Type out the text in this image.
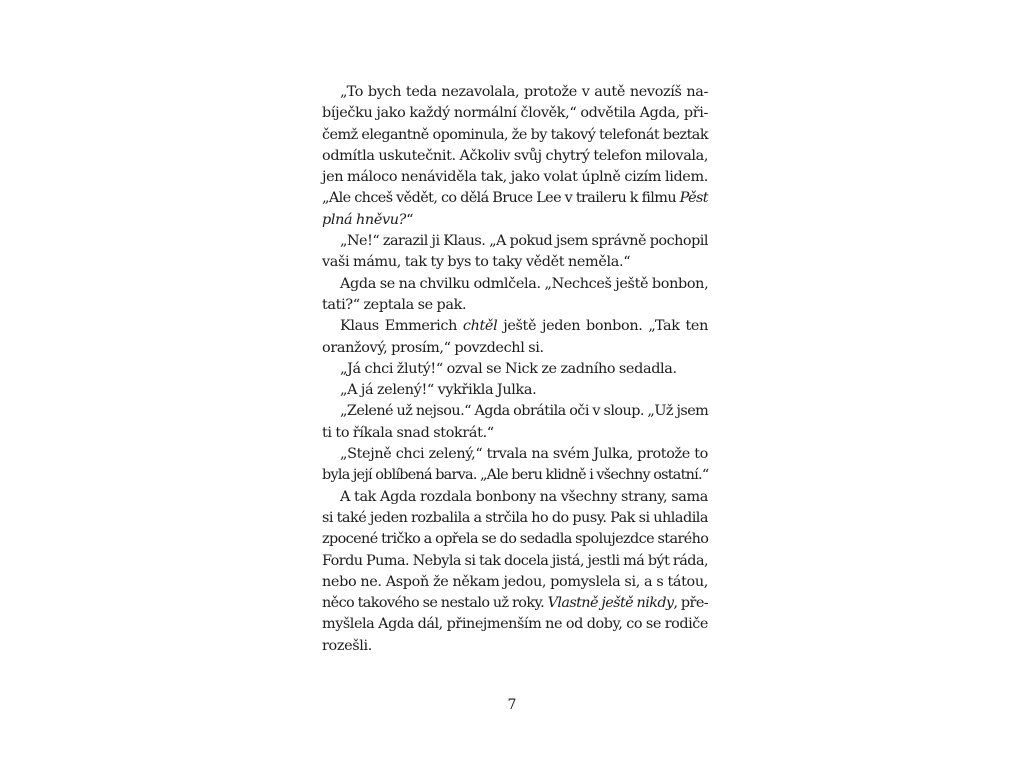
„To bych teda nezavolala, protože v autě nevozíš na-
bíječku jako každý normální člověk,“ odvětila Agda, při-
čemž elegantně opominula, že by takový telefonát beztak
odmítla uskutečnit. Ačkoliv svůj chytrý telefon milovala,
jen máloco nenáviděla tak, jako volat úplně cizím lidem.
„Ale chceš vědět, co dělá Bruce Lee v traileru k filmu Pěst
plná hněvu?“
„Ne!“ zarazil ji Klaus. „A pokud jsem správně pochopil
vaši mámu, tak ty bys to taky vědět neměla.“
Agda se na chvilku odmlčela. „Nechceš ještě bonbon,
tati?“ zeptala se pak.
Klaus Emmerich chtěl ještě jeden bonbon. „Tak ten
oranžový, prosím,“ povzdechl si.
„Já chci žlutý!“ ozval se Nick ze zadního sedadla.
„A já zelený!“ vykřikla Julka.
„Zelené už nejsou.“ Agda obrátila oči v sloup. „Už jsem
ti to říkala snad stokrát.“
„Stejně chci zelený,“ trvala na svém Julka, protože to
byla její oblíbená barva. „Ale beru klidně i všechny ostatní.“
A tak Agda rozdala bonbony na všechny strany, sama
si také jeden rozbalila a strčila ho do pusy. Pak si uhladila
zpocené tričko a opřela se do sedadla spolujezdce starého
Fordu Puma. Nebyla si tak docela jistá, jestli má být ráda,
nebo ne. Aspoň že někam jedou, pomyslela si, a s tátou,
něco takového se nestalo už roky. Vlastně ještě nikdy, pře-
myšlela Agda dál, přinejmenším ne od doby, co se rodiče
rozešli.
7
